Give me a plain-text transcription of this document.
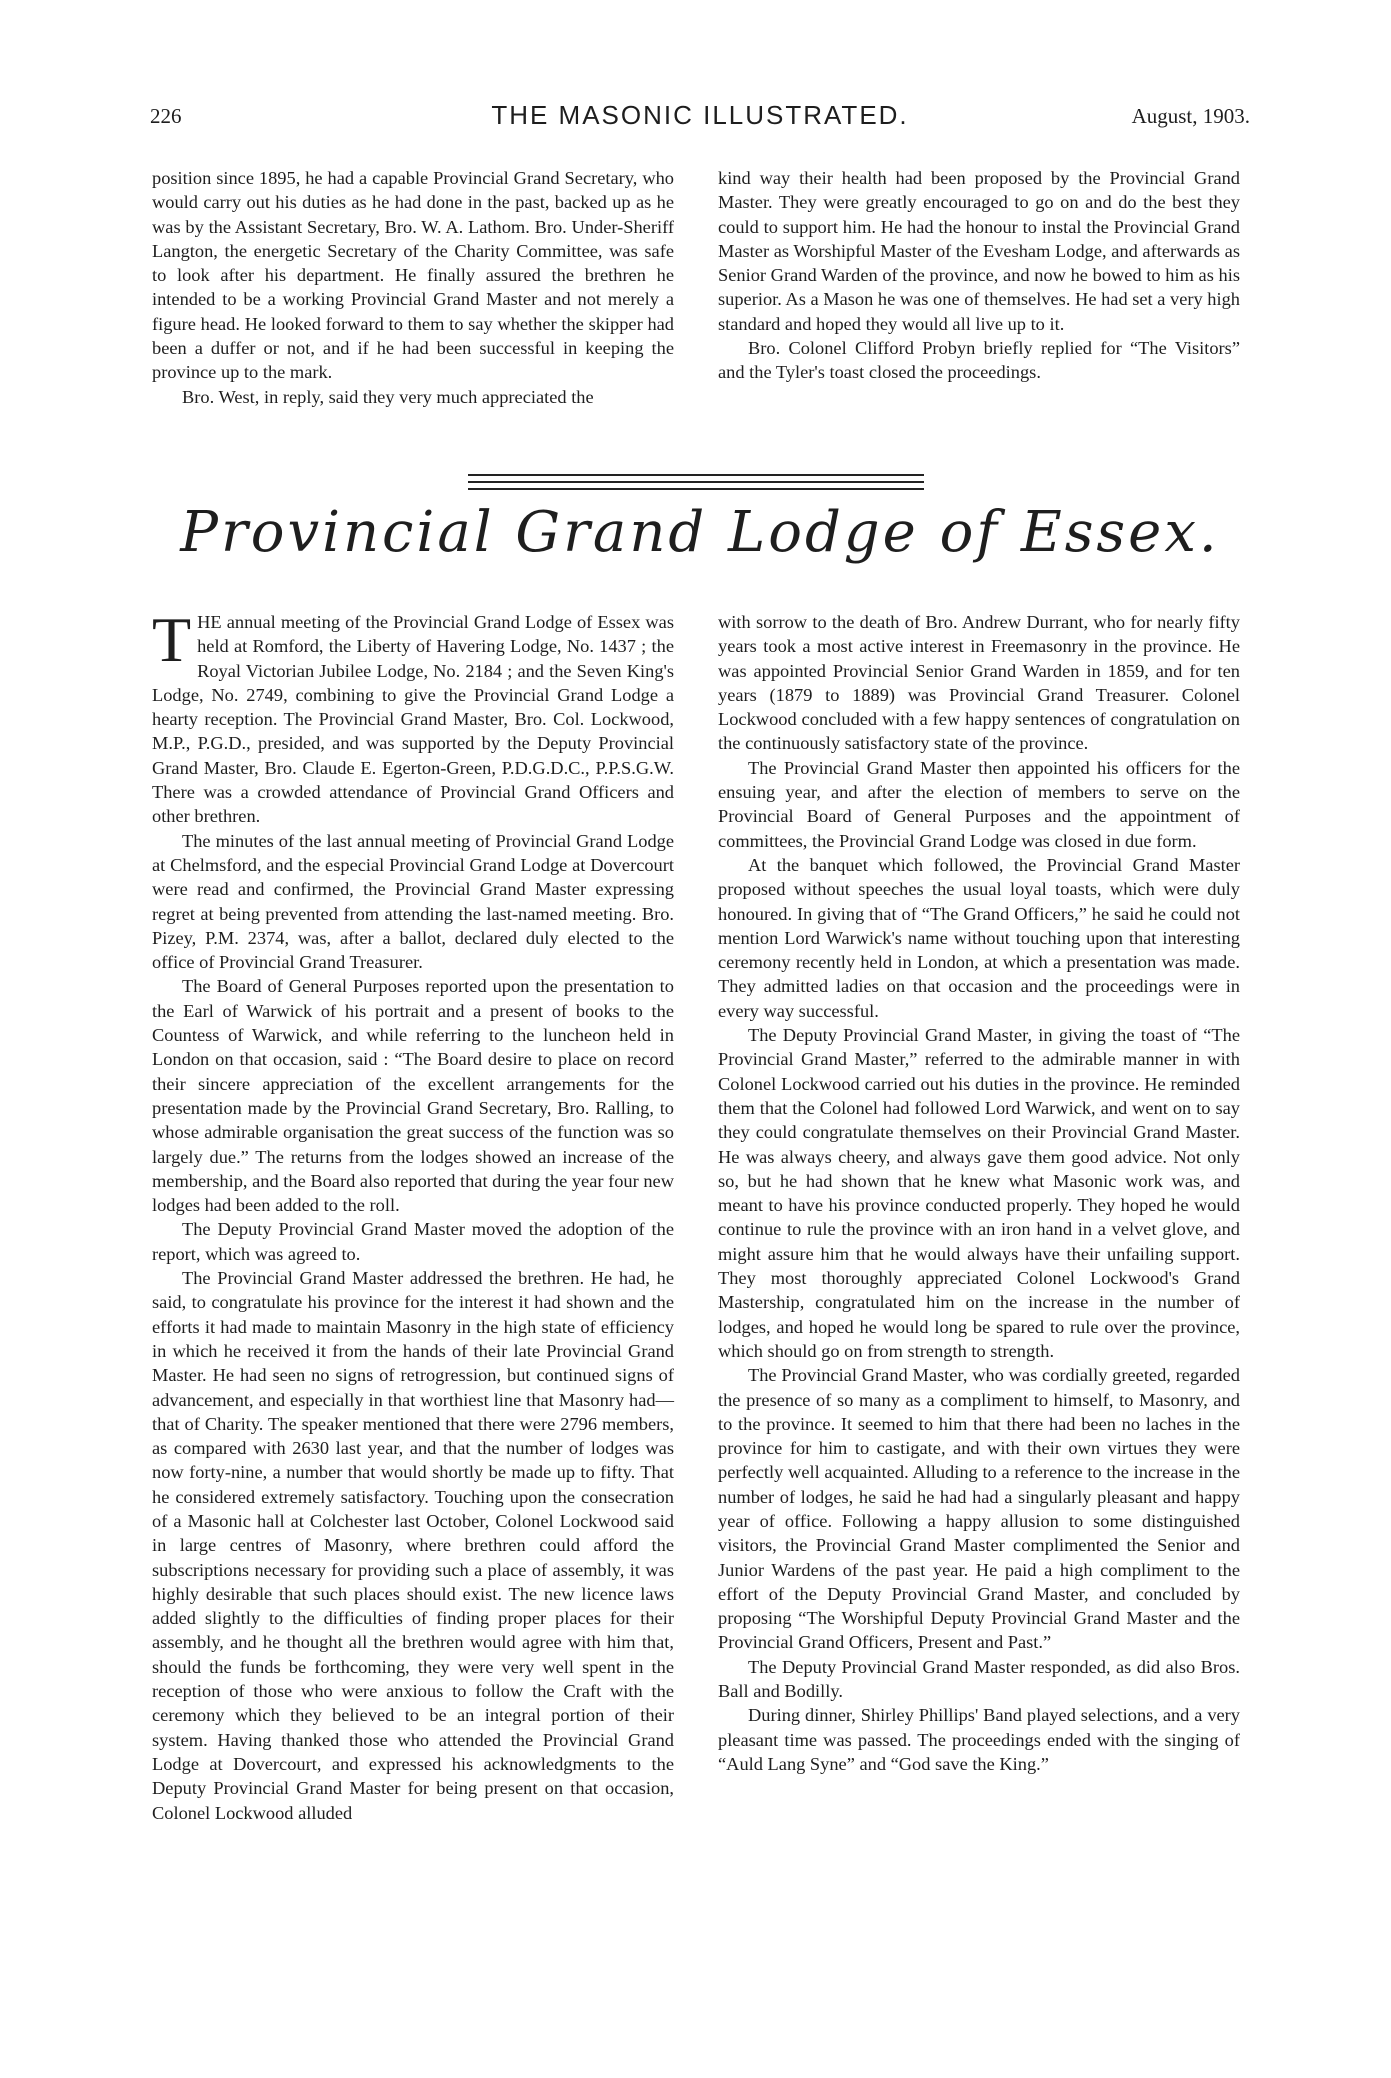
226	THE MASONIC ILLUSTRATED.	August, 1903.

position since 1895, he had a capable Provincial Grand Secretary, who would carry out his duties as he had done in the past, backed up as he was by the Assistant Secretary, Bro. W. A. Lathom. Bro. Under-Sheriff Langton, the energetic Secretary of the Charity Committee, was safe to look after his department. He finally assured the brethren he intended to be a working Provincial Grand Master and not merely a figure head. He looked forward to them to say whether the skipper had been a duffer or not, and if he had been successful in keeping the province up to the mark.

Bro. West, in reply, said they very much appreciated the

kind way their health had been proposed by the Provincial Grand Master. They were greatly encouraged to go on and do the best they could to support him. He had the honour to instal the Provincial Grand Master as Worshipful Master of the Evesham Lodge, and afterwards as Senior Grand Warden of the province, and now he bowed to him as his superior. As a Mason he was one of themselves. He had set a very high standard and hoped they would all live up to it.

Bro. Colonel Clifford Probyn briefly replied for “The Visitors” and the Tyler's toast closed the proceedings.

Provincial Grand Lodge of Essex.

THE annual meeting of the Provincial Grand Lodge of Essex was held at Romford, the Liberty of Havering Lodge, No. 1437 ; the Royal Victorian Jubilee Lodge, No. 2184 ; and the Seven King's Lodge, No. 2749, combining to give the Provincial Grand Lodge a hearty reception. The Provincial Grand Master, Bro. Col. Lockwood, M.P., P.G.D., presided, and was supported by the Deputy Provincial Grand Master, Bro. Claude E. Egerton-Green, P.D.G.D.C., P.P.S.G.W. There was a crowded attendance of Provincial Grand Officers and other brethren.

The minutes of the last annual meeting of Provincial Grand Lodge at Chelmsford, and the especial Provincial Grand Lodge at Dovercourt were read and confirmed, the Provincial Grand Master expressing regret at being prevented from attending the last-named meeting. Bro. Pizey, P.M. 2374, was, after a ballot, declared duly elected to the office of Provincial Grand Treasurer.

The Board of General Purposes reported upon the presentation to the Earl of Warwick of his portrait and a present of books to the Countess of Warwick, and while referring to the luncheon held in London on that occasion, said : “The Board desire to place on record their sincere appreciation of the excellent arrangements for the presentation made by the Provincial Grand Secretary, Bro. Ralling, to whose admirable organisation the great success of the function was so largely due.” The returns from the lodges showed an increase of the membership, and the Board also reported that during the year four new lodges had been added to the roll.

The Deputy Provincial Grand Master moved the adoption of the report, which was agreed to.

The Provincial Grand Master addressed the brethren. He had, he said, to congratulate his province for the interest it had shown and the efforts it had made to maintain Masonry in the high state of efficiency in which he received it from the hands of their late Provincial Grand Master. He had seen no signs of retrogression, but continued signs of advancement, and especially in that worthiest line that Masonry had—that of Charity. The speaker mentioned that there were 2796 members, as compared with 2630 last year, and that the number of lodges was now forty-nine, a number that would shortly be made up to fifty. That he considered extremely satisfactory. Touching upon the consecration of a Masonic hall at Colchester last October, Colonel Lockwood said in large centres of Masonry, where brethren could afford the subscriptions necessary for providing such a place of assembly, it was highly desirable that such places should exist. The new licence laws added slightly to the difficulties of finding proper places for their assembly, and he thought all the brethren would agree with him that, should the funds be forthcoming, they were very well spent in the reception of those who were anxious to follow the Craft with the ceremony which they believed to be an integral portion of their system. Having thanked those who attended the Provincial Grand Lodge at Dovercourt, and expressed his acknowledgments to the Deputy Provincial Grand Master for being present on that occasion, Colonel Lockwood alluded

with sorrow to the death of Bro. Andrew Durrant, who for nearly fifty years took a most active interest in Freemasonry in the province. He was appointed Provincial Senior Grand Warden in 1859, and for ten years (1879 to 1889) was Provincial Grand Treasurer. Colonel Lockwood concluded with a few happy sentences of congratulation on the continuously satisfactory state of the province.

The Provincial Grand Master then appointed his officers for the ensuing year, and after the election of members to serve on the Provincial Board of General Purposes and the appointment of committees, the Provincial Grand Lodge was closed in due form.

At the banquet which followed, the Provincial Grand Master proposed without speeches the usual loyal toasts, which were duly honoured. In giving that of “The Grand Officers,” he said he could not mention Lord Warwick's name without touching upon that interesting ceremony recently held in London, at which a presentation was made. They admitted ladies on that occasion and the proceedings were in every way successful.

The Deputy Provincial Grand Master, in giving the toast of “The Provincial Grand Master,” referred to the admirable manner in with Colonel Lockwood carried out his duties in the province. He reminded them that the Colonel had followed Lord Warwick, and went on to say they could congratulate themselves on their Provincial Grand Master. He was always cheery, and always gave them good advice. Not only so, but he had shown that he knew what Masonic work was, and meant to have his province conducted properly. They hoped he would continue to rule the province with an iron hand in a velvet glove, and might assure him that he would always have their unfailing support. They most thoroughly appreciated Colonel Lockwood's Grand Mastership, congratulated him on the increase in the number of lodges, and hoped he would long be spared to rule over the province, which should go on from strength to strength.

The Provincial Grand Master, who was cordially greeted, regarded the presence of so many as a compliment to himself, to Masonry, and to the province. It seemed to him that there had been no laches in the province for him to castigate, and with their own virtues they were perfectly well acquainted. Alluding to a reference to the increase in the number of lodges, he said he had had a singularly pleasant and happy year of office. Following a happy allusion to some distinguished visitors, the Provincial Grand Master complimented the Senior and Junior Wardens of the past year. He paid a high compliment to the effort of the Deputy Provincial Grand Master, and concluded by proposing “The Worshipful Deputy Provincial Grand Master and the Provincial Grand Officers, Present and Past.”

The Deputy Provincial Grand Master responded, as did also Bros. Ball and Bodilly.

During dinner, Shirley Phillips' Band played selections, and a very pleasant time was passed. The proceedings ended with the singing of “Auld Lang Syne” and “God save the King.”
